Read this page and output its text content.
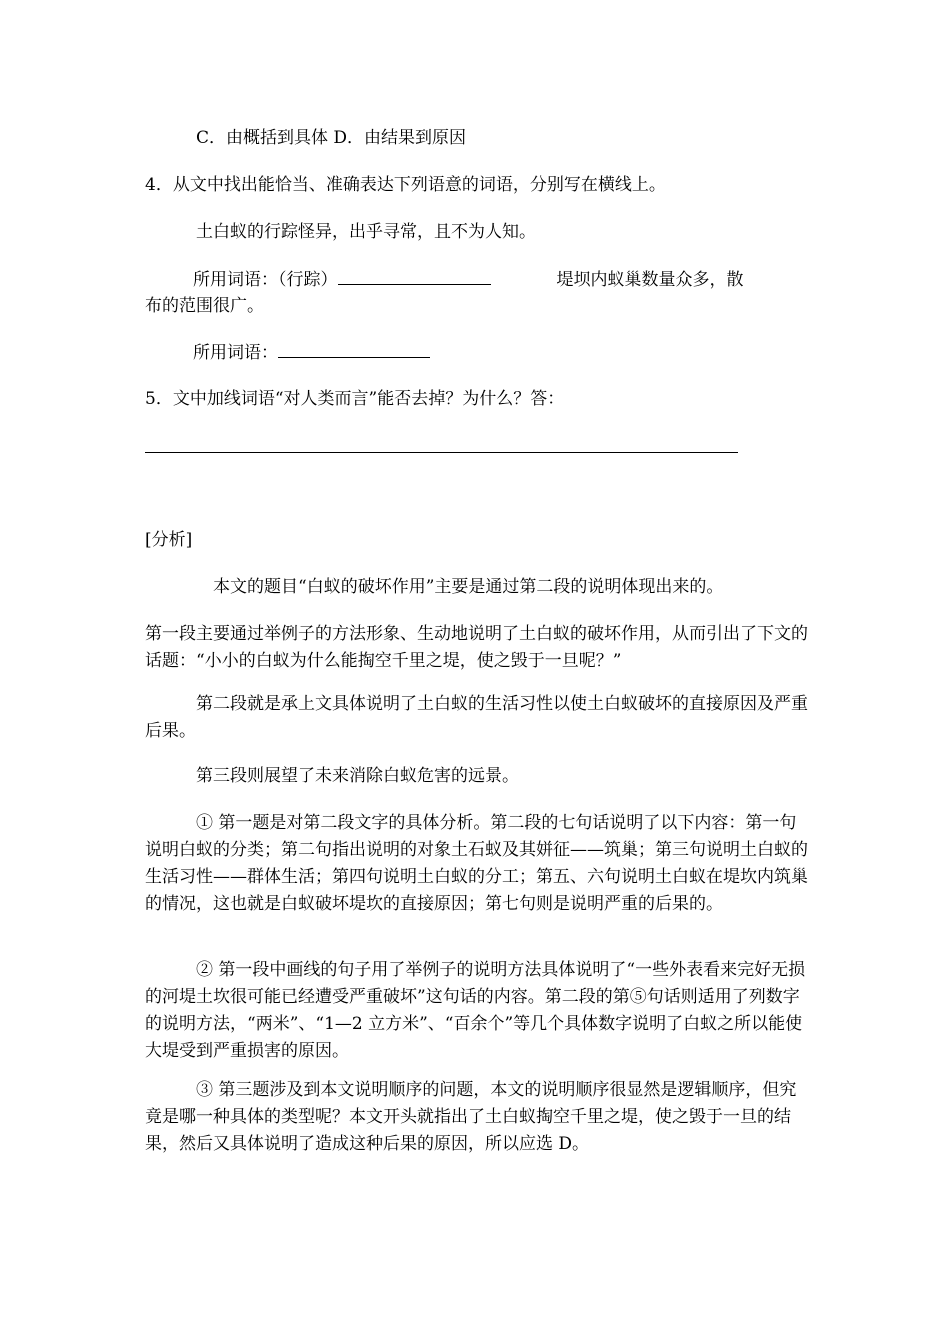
C．由概括到具体 D．由结果到原因

4．从文中找出能恰当、准确表达下列语意的词语，分别写在横线上。

土白蚁的行踪怪异，出乎寻常，且不为人知。

所用词语：（行踪）	堤坝内蚁巢数量众多，散
布的范围很广。
所用词语：

5．文中加线词语“对人类而言”能否去掉？为什么？答：

[分析]

本文的题目“白蚁的破坏作用”主要是通过第二段的说明体现出来的。

第一段主要通过举例子的方法形象、生动地说明了土白蚁的破坏作用，从而引出了下文的话题：“小小的白蚁为什么能掏空千里之堤，使之毁于一旦呢？”

第二段就是承上文具体说明了土白蚁的生活习性以使土白蚁破坏的直接原因及严重后果。

第三段则展望了未来消除白蚁危害的远景。

① 第一题是对第二段文字的具体分析。第二段的七句话说明了以下内容：第一句说明白蚁的分类；第二句指出说明的对象土石蚁及其姘征——筑巢；第三句说明土白蚁的生活习性——群体生活；第四句说明土白蚁的分工；第五、六句说明土白蚁在堤坎内筑巢的情况，这也就是白蚁破坏堤坎的直接原因；第七句则是说明严重的后果的。

② 第一段中画线的句子用了举例子的说明方法具体说明了“一些外表看来完好无损的河堤土坎很可能已经遭受严重破坏”这句话的内容。第二段的第⑤句话则适用了列数字的说明方法，“两米”、“1—2 立方米”、“百余个”等几个具体数字说明了白蚁之所以能使大堤受到严重损害的原因。

③ 第三题涉及到本文说明顺序的问题，本文的说明顺序很显然是逻辑顺序，但究竟是哪一种具体的类型呢？本文开头就指出了土白蚁掏空千里之堤，使之毁于一旦的结果，然后又具体说明了造成这种后果的原因，所以应选 D。
